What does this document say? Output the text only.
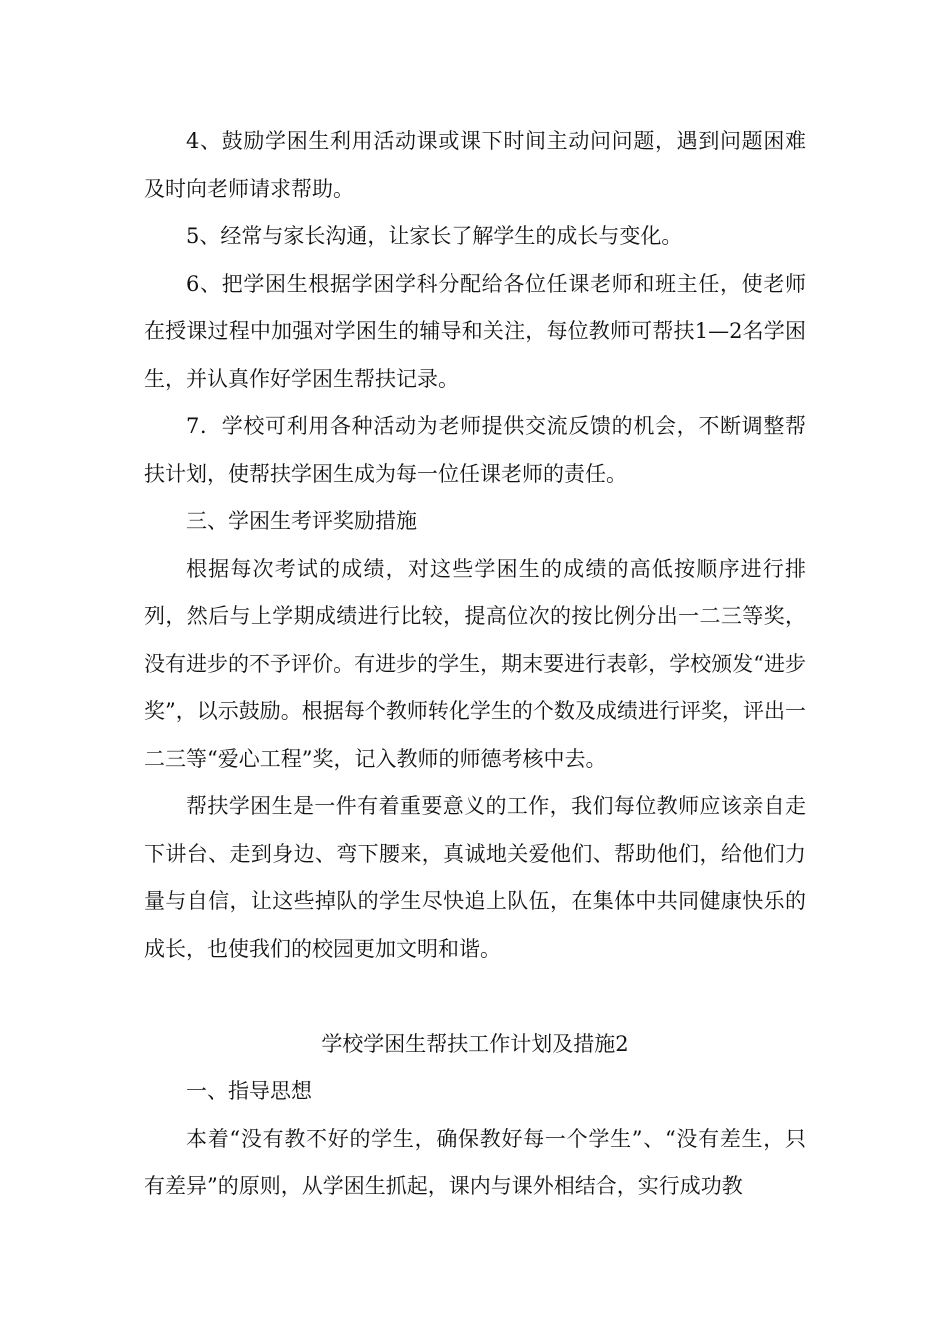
4、鼓励学困生利用活动课或课下时间主动问问题，遇到问题困难及时向老师请求帮助。

5、经常与家长沟通，让家长了解学生的成长与变化。

6、把学困生根据学困学科分配给各位任课老师和班主任，使老师在授课过程中加强对学困生的辅导和关注，每位教师可帮扶1—2名学困生，并认真作好学困生帮扶记录。

7．学校可利用各种活动为老师提供交流反馈的机会，不断调整帮扶计划，使帮扶学困生成为每一位任课老师的责任。

三、学困生考评奖励措施

根据每次考试的成绩，对这些学困生的成绩的高低按顺序进行排列，然后与上学期成绩进行比较，提高位次的按比例分出一二三等奖，没有进步的不予评价。有进步的学生，期末要进行表彰，学校颁发“进步奖”，以示鼓励。根据每个教师转化学生的个数及成绩进行评奖，评出一二三等“爱心工程”奖，记入教师的师德考核中去。

帮扶学困生是一件有着重要意义的工作，我们每位教师应该亲自走下讲台、走到身边、弯下腰来，真诚地关爱他们、帮助他们，给他们力量与自信，让这些掉队的学生尽快追上队伍，在集体中共同健康快乐的成长，也使我们的校园更加文明和谐。

学校学困生帮扶工作计划及措施2

一、指导思想

本着“没有教不好的学生，确保教好每一个学生”、“没有差生，只有差异”的原则，从学困生抓起，课内与课外相结合，实行成功教
